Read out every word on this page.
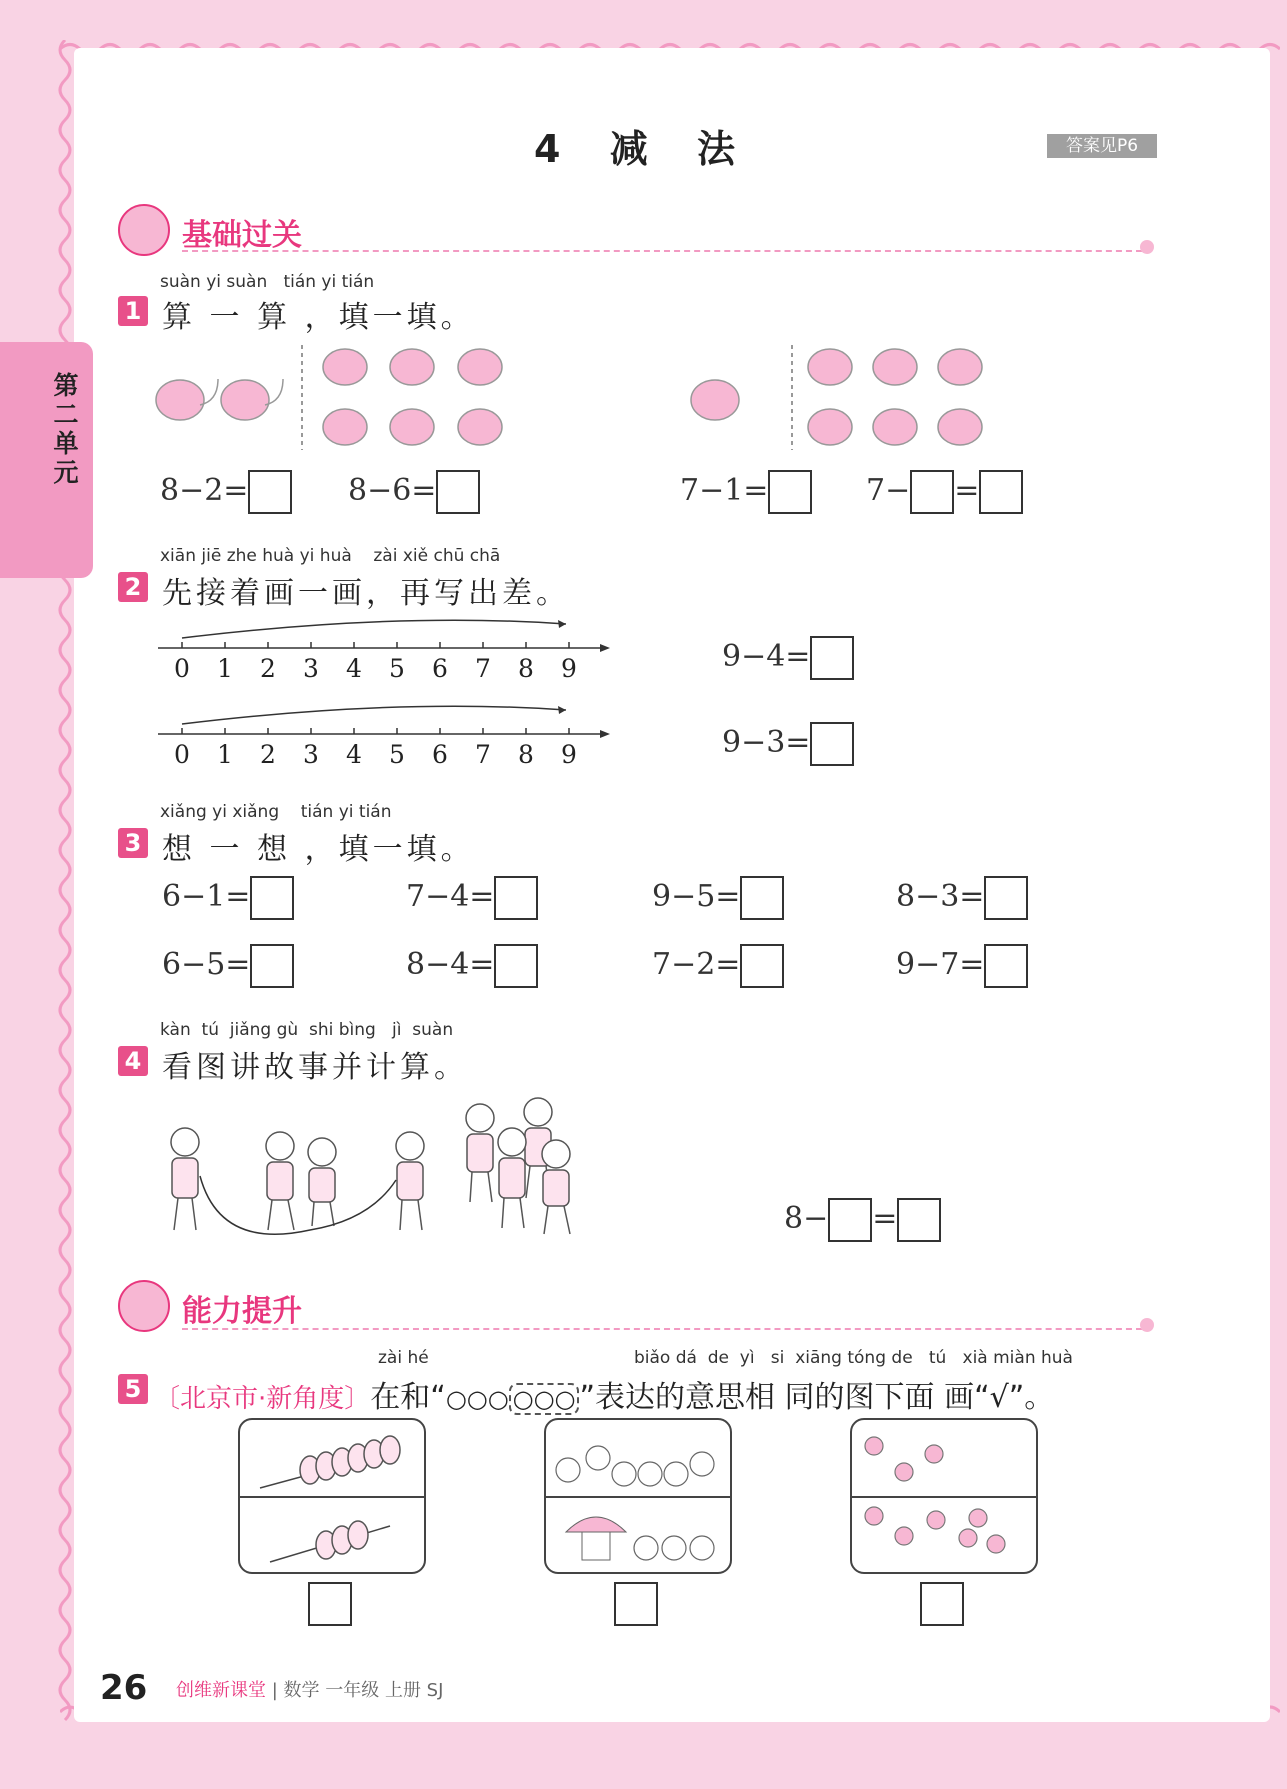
第二单元
4 减 法	答案见P6
基础过关
suàn yi suàn   tián yi tián
1 算 一 算 ，填一填。
8−2=	8−6=	7−1=	7− =
xiān jiē zhe huà yi huà    zài xiě chū chā
2 先接着画一画，再写出差。
0 1 2 3 4 5 6 7 8 9
0 1 2 3 4 5 6 7 8 9
9−4=
9−3=
xiǎng yi xiǎng    tián yi tián
3 想 一 想 ，填一填。
6−1=	7−4=	9−5=	8−3=
6−5=	8−4=	7−2=	9−7=
kàn  tú  jiǎng gù  shi bìng   jì  suàn
4 看图讲故事并计算。
8− =
能力提升
zài hé	biǎo dá  de  yì   si  xiāng tóng de   tú   xià miàn huà
5 〔北京市·新角度〕在和“○○○ ○○○ ”表达的意思相 同的图下面 画“√”。
26 创维新课堂 | 数学 一年级 上册 SJ
